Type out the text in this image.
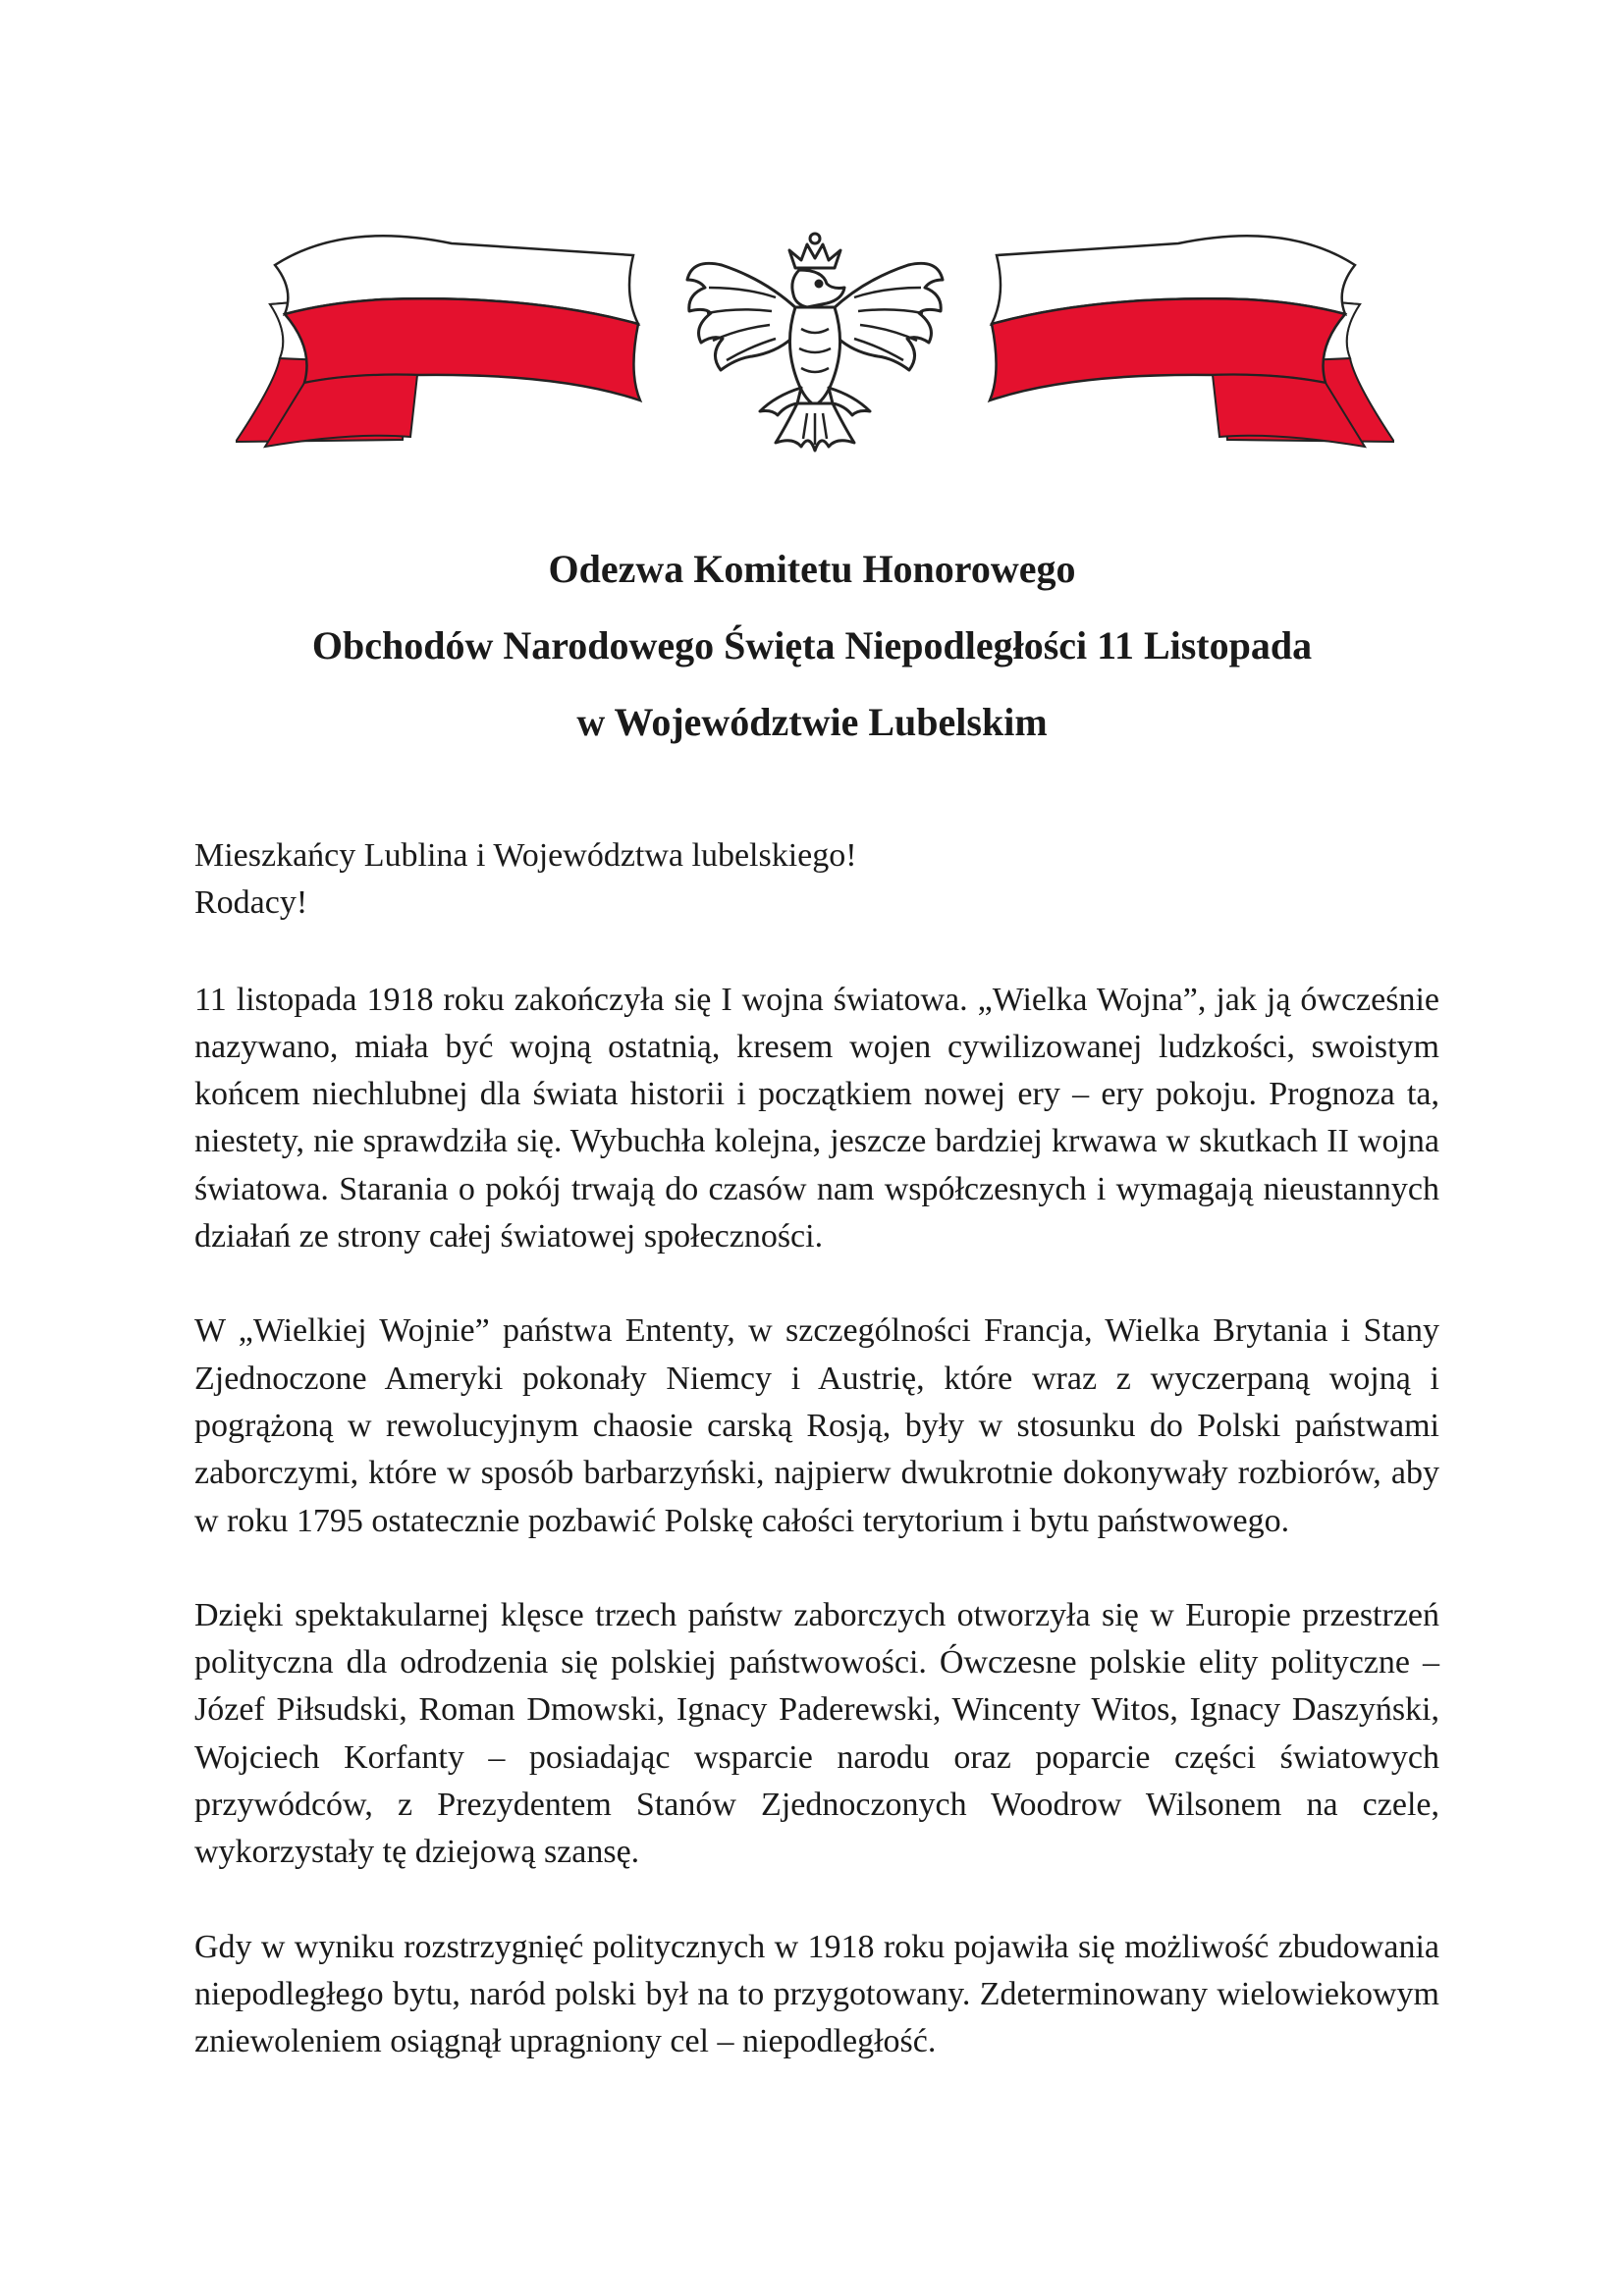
Odezwa Komitetu Honorowego

Obchodów Narodowego Święta Niepodległości 11 Listopada

w Województwie Lubelskim

Mieszkańcy Lublina i Województwa lubelskiego!

Rodacy!

11 listopada 1918 roku zakończyła się I wojna światowa. „Wielka Wojna”, jak ją ówcześnie nazywano, miała być wojną ostatnią, kresem wojen cywilizowanej ludzkości, swoistym końcem niechlubnej dla świata historii i początkiem nowej ery – ery pokoju. Prognoza ta, niestety, nie sprawdziła się. Wybuchła kolejna, jeszcze bardziej krwawa w skutkach II wojna światowa. Starania o pokój trwają do czasów nam współczesnych i wymagają nieustannych działań ze strony całej światowej społeczności.

W „Wielkiej Wojnie” państwa Ententy, w szczególności Francja, Wielka Brytania i Stany Zjednoczone Ameryki pokonały Niemcy i Austrię, które wraz z wyczerpaną wojną i pogrążoną w rewolucyjnym chaosie carską Rosją, były w stosunku do Polski państwami zaborczymi, które w sposób barbarzyński, najpierw dwukrotnie dokonywały rozbiorów, aby w roku 1795 ostatecznie pozbawić Polskę całości terytorium i bytu państwowego.

Dzięki spektakularnej klęsce trzech państw zaborczych otworzyła się w Europie przestrzeń polityczna dla odrodzenia się polskiej państwowości. Ówczesne polskie elity polityczne – Józef Piłsudski, Roman Dmowski, Ignacy Paderewski, Wincenty Witos, Ignacy Daszyński, Wojciech Korfanty – posiadając wsparcie narodu oraz poparcie części światowych przywódców, z Prezydentem Stanów Zjednoczonych Woodrow Wilsonem na czele, wykorzystały tę dziejową szansę.

Gdy w wyniku rozstrzygnięć politycznych w 1918 roku pojawiła się możliwość zbudowania niepodległego bytu, naród polski był na to przygotowany. Zdeterminowany wielowiekowym zniewoleniem osiągnął upragniony cel – niepodległość.
